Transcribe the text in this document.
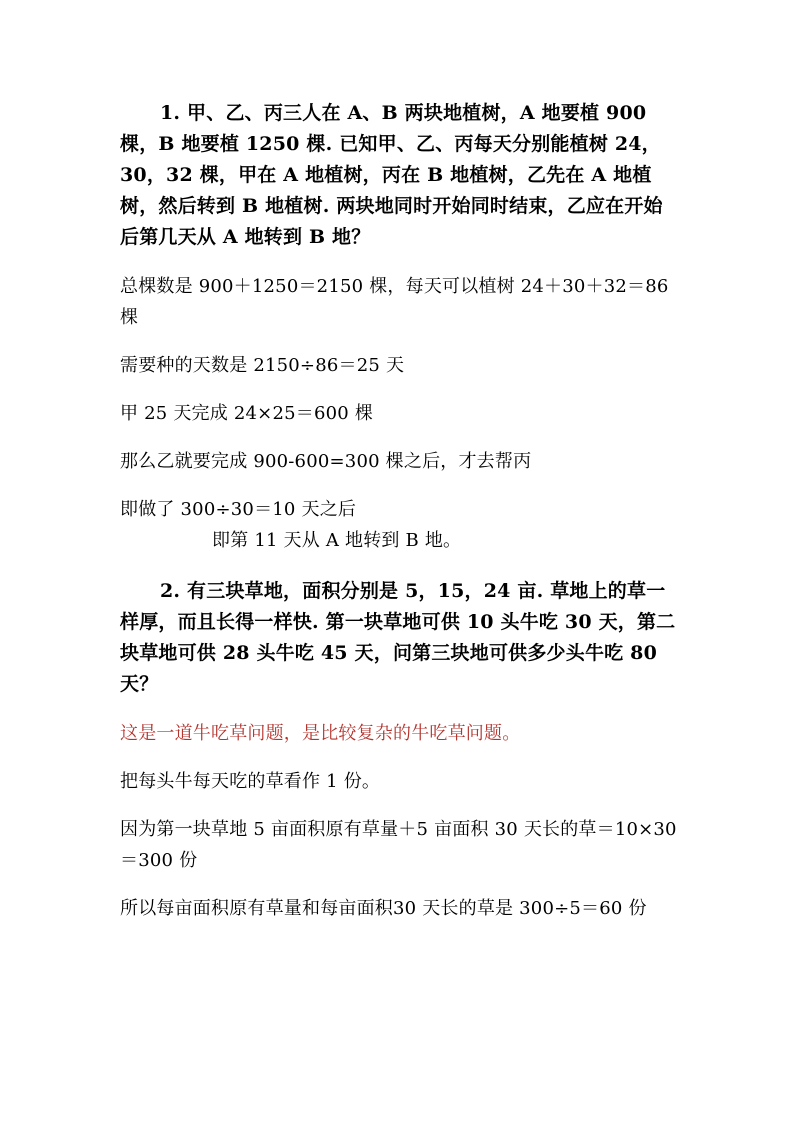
1. 甲、乙、丙三人在 A、B 两块地植树，A 地要植 900 棵，B 地要植 1250 棵. 已知甲、乙、丙每天分别能植树 24，30，32 棵，甲在 A 地植树，丙在 B 地植树，乙先在 A 地植树，然后转到 B 地植树. 两块地同时开始同时结束，乙应在开始后第几天从 A 地转到 B 地？

总棵数是 900＋1250＝2150 棵，每天可以植树 24＋30＋32＝86 棵

需要种的天数是 2150÷86＝25 天

甲 25 天完成 24×25＝600 棵

那么乙就要完成 900-600=300 棵之后，才去帮丙

即做了 300÷30＝10 天之后即第 11 天从 A 地转到 B 地。

2. 有三块草地，面积分别是 5，15，24 亩. 草地上的草一样厚，而且长得一样快. 第一块草地可供 10 头牛吃 30 天，第二块草地可供 28 头牛吃 45 天，问第三块地可供多少头牛吃 80 天？

这是一道牛吃草问题，是比较复杂的牛吃草问题。

把每头牛每天吃的草看作 1 份。

因为第一块草地 5 亩面积原有草量＋5 亩面积 30 天长的草＝10×30＝300 份

所以每亩面积原有草量和每亩面积30 天长的草是 300÷5＝60 份
